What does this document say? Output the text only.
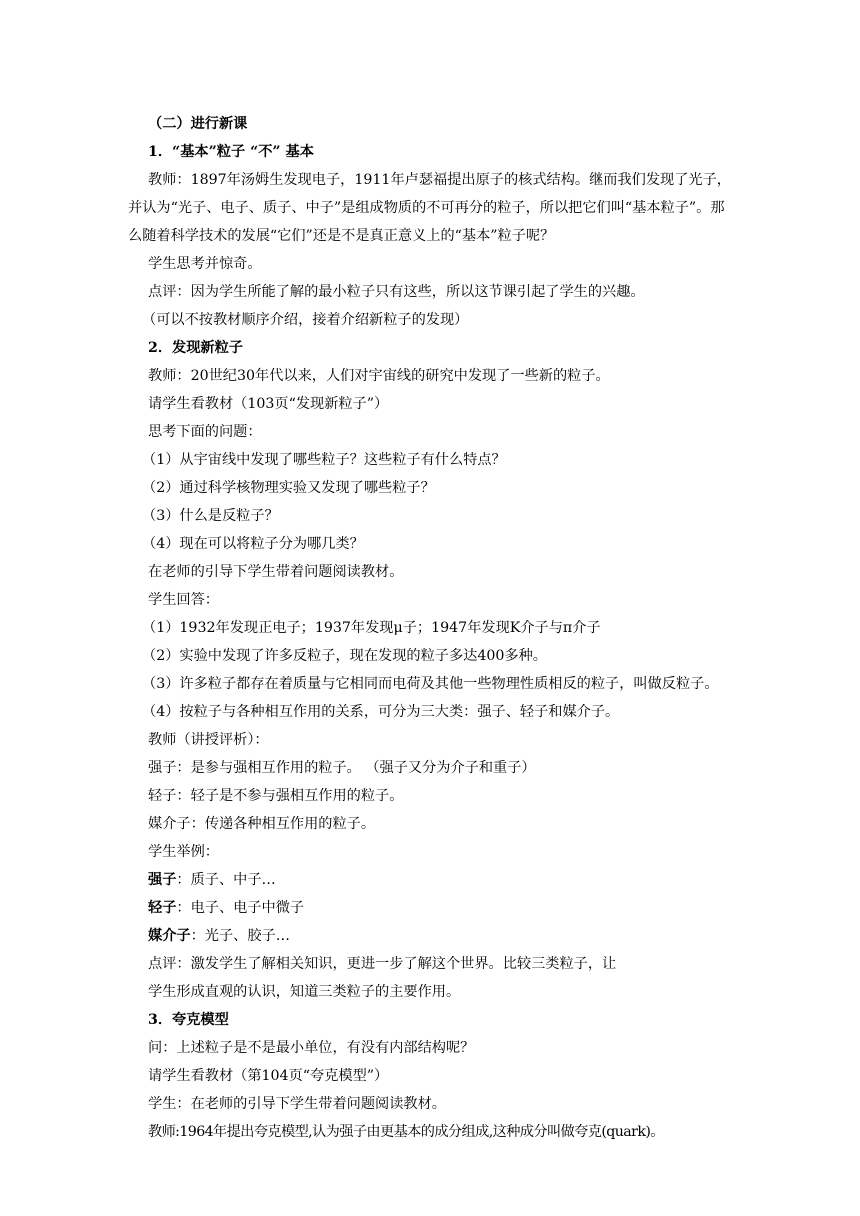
（二）进行新课
1．“基本”粒子 “不” 基本
教师：1897年汤姆生发现电子，1911年卢瑟福提出原子的核式结构。继而我们发现了光子，并认为“光子、电子、质子、中子”是组成物质的不可再分的粒子，所以把它们叫“基本粒子”。那么随着科学技术的发展“它们”还是不是真正意义上的“基本”粒子呢？
学生思考并惊奇。
点评：因为学生所能了解的最小粒子只有这些，所以这节课引起了学生的兴趣。
（可以不按教材顺序介绍，接着介绍新粒子的发现）
2．发现新粒子
教师：20世纪30年代以来，人们对宇宙线的研究中发现了一些新的粒子。
请学生看教材（103页“发现新粒子”）
思考下面的问题：
（1）从宇宙线中发现了哪些粒子？这些粒子有什么特点？
（2）通过科学核物理实验又发现了哪些粒子？
（3）什么是反粒子？
（4）现在可以将粒子分为哪几类？
在老师的引导下学生带着问题阅读教材。
学生回答：
（1）1932年发现正电子；1937年发现μ子；1947年发现K介子与π介子
（2）实验中发现了许多反粒子，现在发现的粒子多达400多种。
（3）许多粒子都存在着质量与它相同而电荷及其他一些物理性质相反的粒子，叫做反粒子。
（4）按粒子与各种相互作用的关系，可分为三大类：强子、轻子和媒介子。
教师（讲授评析）：
强子：是参与强相互作用的粒子。 （强子又分为介子和重子）
轻子：轻子是不参与强相互作用的粒子。
媒介子：传递各种相互作用的粒子。
学生举例：
强子：质子、中子…
轻子：电子、电子中微子
媒介子：光子、胶子…
点评：激发学生了解相关知识，更进一步了解这个世界。比较三类粒子，让
学生形成直观的认识，知道三类粒子的主要作用。
3．夸克模型
问：上述粒子是不是最小单位，有没有内部结构呢？
请学生看教材（第104页“夸克模型”）
学生：在老师的引导下学生带着问题阅读教材。
教师:1964年提出夸克模型,认为强子由更基本的成分组成,这种成分叫做夸克(quark)。
